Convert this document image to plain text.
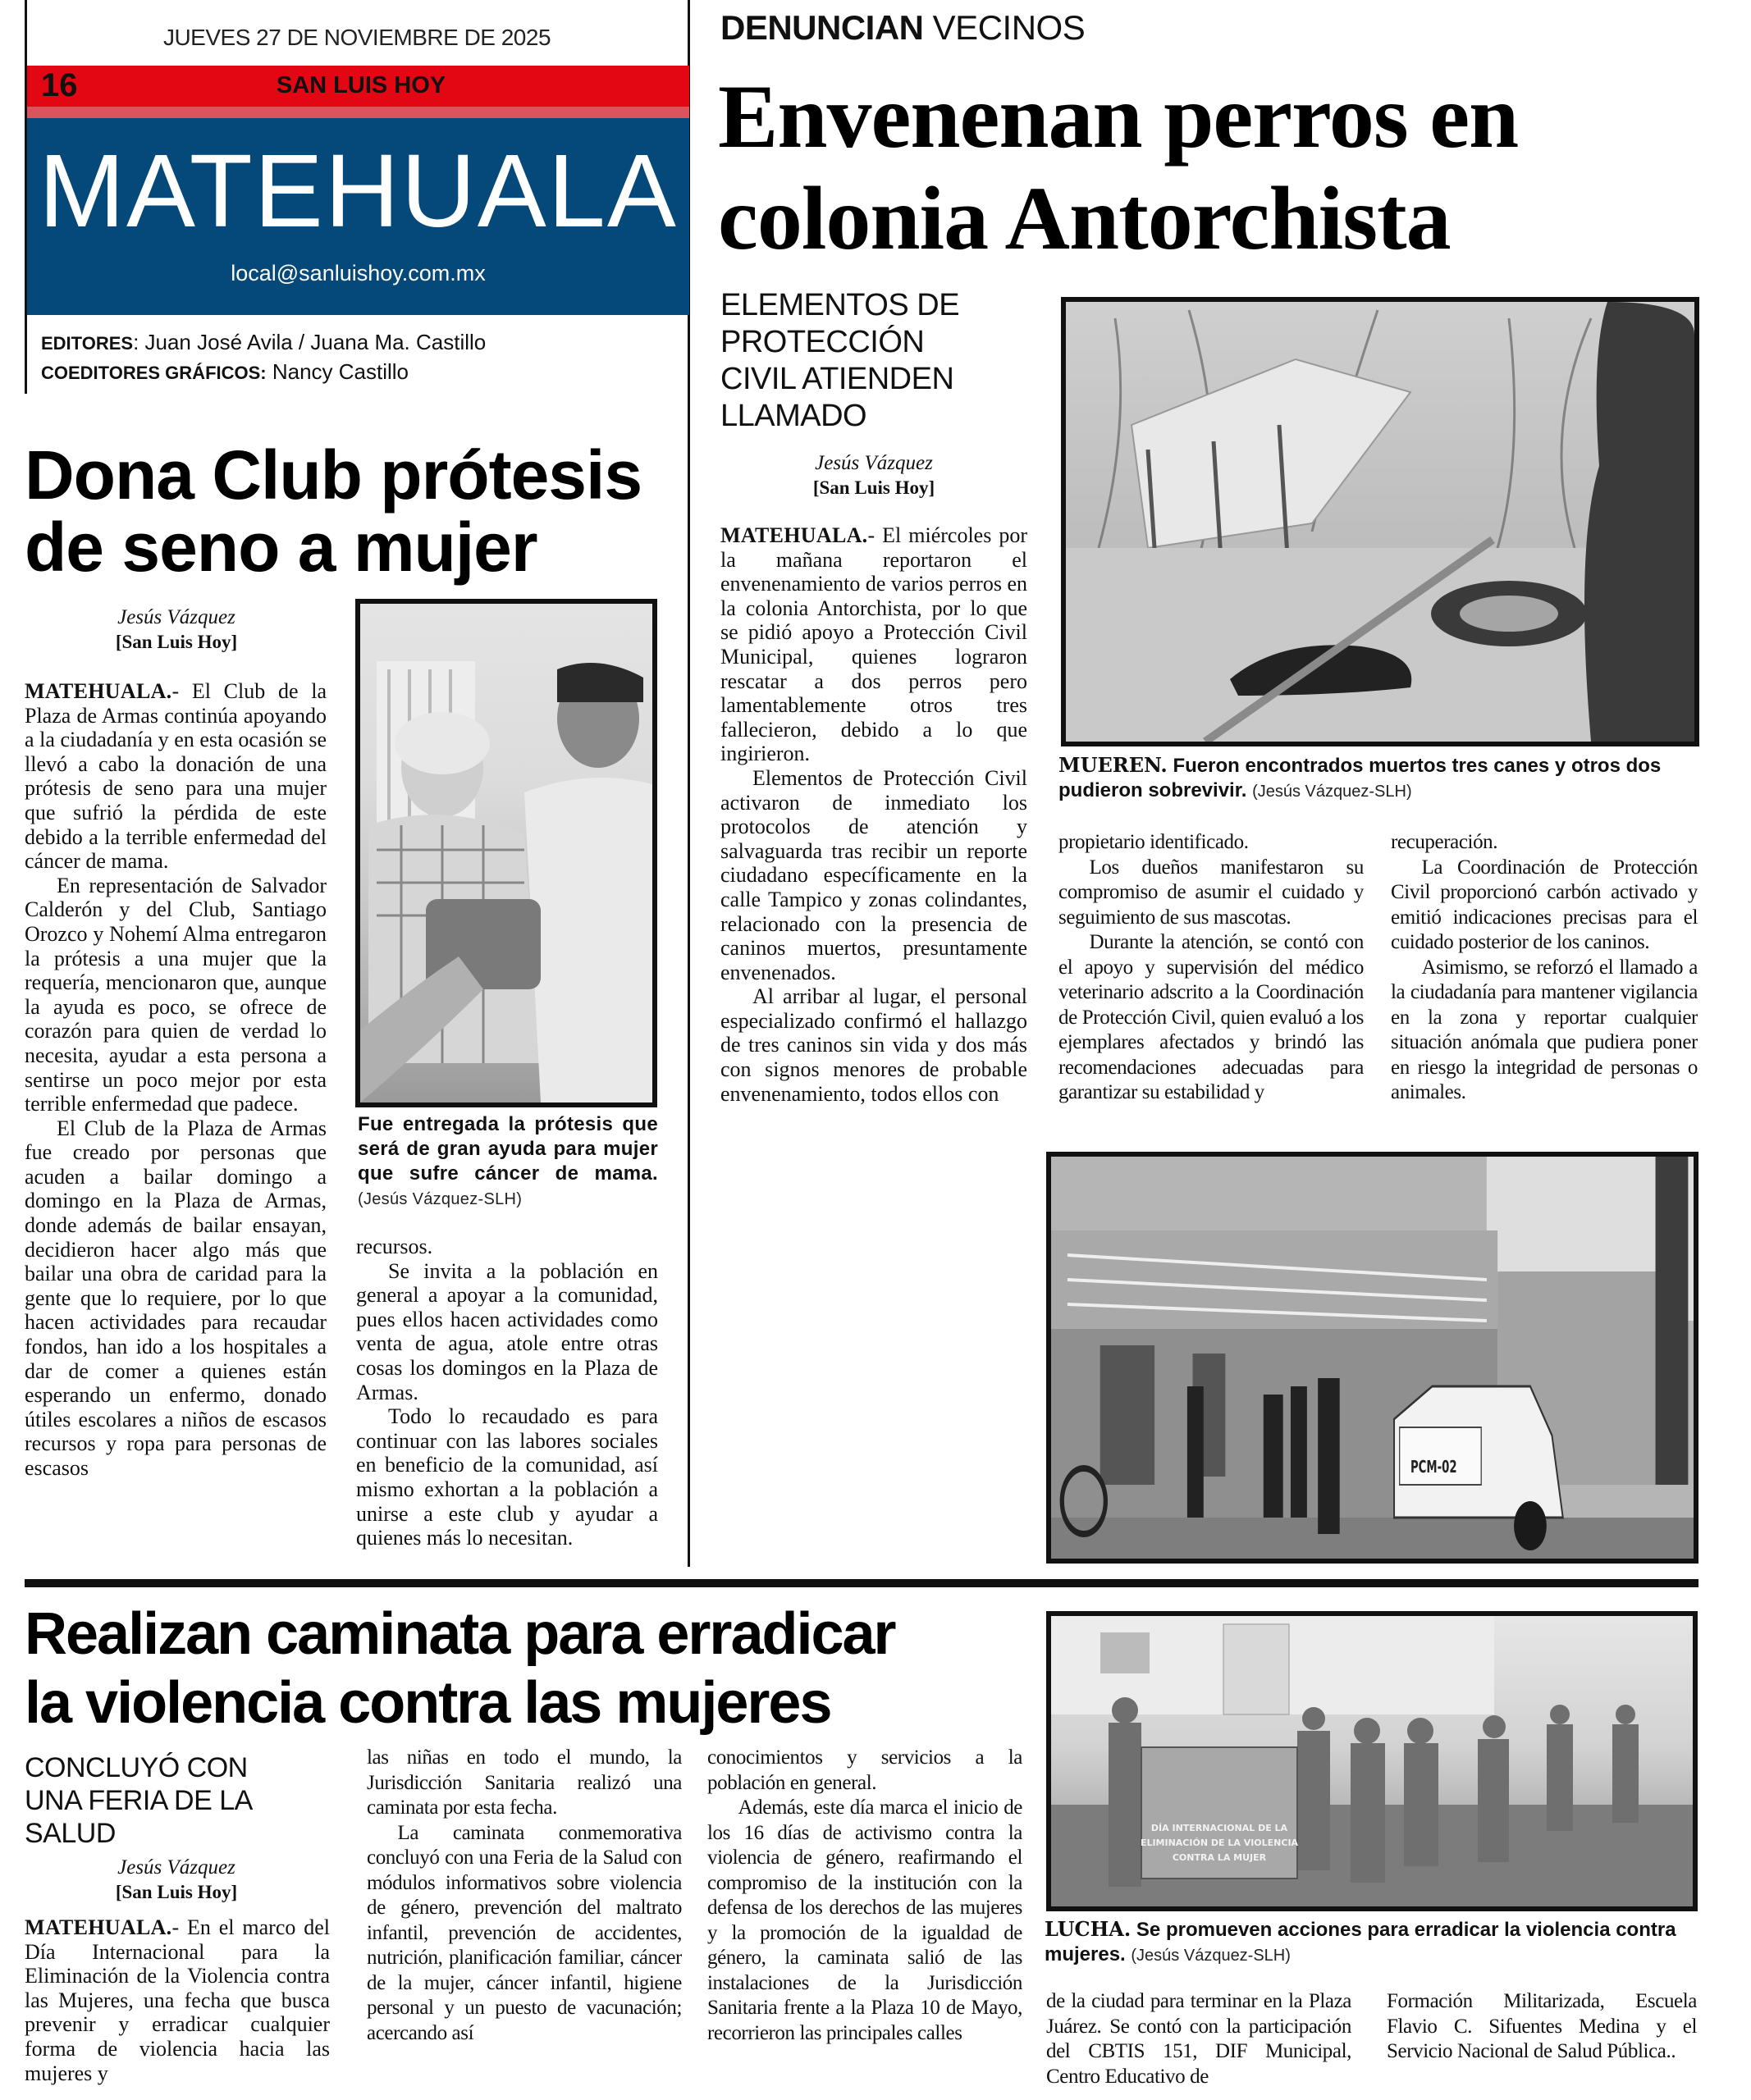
JUEVES 27 DE NOVIEMBRE DE 2025
16	SAN LUIS HOY
MATEHUALA
local@sanluishoy.com.mx
EDITORES: Juan José Avila / Juana Ma. Castillo
COEDITORES GRÁFICOS: Nancy Castillo
Dona Club prótesis
de seno a mujer
Jesús Vázquez
[San Luis Hoy]

MATEHUALA.- El Club de la Plaza de Armas continúa apoyando a la ciudadanía y en esta ocasión se llevó a cabo la donación de una prótesis de seno para una mujer que sufrió la pérdida de este debido a la terrible enfermedad del cáncer de mama.

En representación de Salvador Calderón y del Club, Santiago Orozco y Nohemí Alma entregaron la prótesis a una mujer que la requería, mencionaron que, aunque la ayuda es poco, se ofrece de corazón para quien de verdad lo necesita, ayudar a esta persona a sentirse un poco mejor por esta terrible enfermedad que padece.

El Club de la Plaza de Armas fue creado por personas que acuden a bailar domingo a domingo en la Plaza de Armas, donde además de bailar ensayan, decidieron hacer algo más que bailar una obra de caridad para la gente que lo requiere, por lo que hacen actividades para recaudar fondos, han ido a los hospitales a dar de comer a quienes están esperando un enfermo, donado útiles escolares a niños de escasos recursos y ropa para personas de escasos

Fue entregada la prótesis que será de gran ayuda para mujer que sufre cáncer de mama. (Jesús Vázquez-SLH)

recursos.

Se invita a la población en general a apoyar a la comunidad, pues ellos hacen actividades como venta de agua, atole entre otras cosas los domingos en la Plaza de Armas.

Todo lo recaudado es para continuar con las labores sociales en beneficio de la comunidad, así mismo exhortan a la población a unirse a este club y ayudar a quienes más lo necesitan.

DENUNCIAN VECINOS
Envenenan perros en
colonia Antorchista
ELEMENTOS DE
PROTECCIÓN
CIVIL ATIENDEN
LLAMADO
Jesús Vázquez
[San Luis Hoy]

MATEHUALA.- El miércoles por la mañana reportaron el envenenamiento de varios perros en la colonia Antorchista, por lo que se pidió apoyo a Protección Civil Municipal, quienes lograron rescatar a dos perros pero lamentablemente otros tres fallecieron, debido a lo que ingirieron.

Elementos de Protección Civil activaron de inmediato los protocolos de atención y salvaguarda tras recibir un reporte ciudadano específicamente en la calle Tampico y zonas colindantes, relacionado con la presencia de caninos muertos, presuntamente envenenados.

Al arribar al lugar, el personal especializado confirmó el hallazgo de tres caninos sin vida y dos más con signos menores de probable envenenamiento, todos ellos con

MUEREN. Fueron encontrados muertos tres canes y otros dos pudieron sobrevivir. (Jesús Vázquez-SLH)

propietario identificado.

Los dueños manifestaron su compromiso de asumir el cuidado y seguimiento de sus mascotas.

Durante la atención, se contó con el apoyo y supervisión del médico veterinario adscrito a la Coordinación de Protección Civil, quien evaluó a los ejemplares afectados y brindó las recomendaciones adecuadas para garantizar su estabilidad y

recuperación.

La Coordinación de Protección Civil proporcionó carbón activado y emitió indicaciones precisas para el cuidado posterior de los caninos.

Asimismo, se reforzó el llamado a la ciudadanía para mantener vigilancia en la zona y reportar cualquier situación anómala que pudiera poner en riesgo la integridad de personas o animales.

PCM-02
Realizan caminata para erradicar
la violencia contra las mujeres
CONCLUYÓ CON
UNA FERIA DE LA
SALUD
Jesús Vázquez
[San Luis Hoy]

MATEHUALA.- En el marco del Día Internacional para la Eliminación de la Violencia contra las Mujeres, una fecha que busca prevenir y erradicar cualquier forma de violencia hacia las mujeres y

las niñas en todo el mundo, la Jurisdicción Sanitaria realizó una caminata por esta fecha.

La caminata conmemorativa concluyó con una Feria de la Salud con módulos informativos sobre violencia de género, prevención del maltrato infantil, prevención de accidentes, nutrición, planificación familiar, cáncer de la mujer, cáncer infantil, higiene personal y un puesto de vacunación; acercando así

conocimientos y servicios a la población en general.

Además, este día marca el inicio de los 16 días de activismo contra la violencia de género, reafirmando el compromiso de la institución con la defensa de los derechos de las mujeres y la promoción de la igualdad de género, la caminata salió de las instalaciones de la Jurisdicción Sanitaria frente a la Plaza 10 de Mayo, recorrieron las principales calles

DÍA INTERNACIONAL DE LA
ELIMINACIÓN DE LA VIOLENCIA
CONTRA LA MUJER
LUCHA. Se promueven acciones para erradicar la violencia contra mujeres. (Jesús Vázquez-SLH)

de la ciudad para terminar en la Plaza Juárez. Se contó con la participación del CBTIS 151, DIF Municipal, Centro Educativo de

Formación Militarizada, Escuela Flavio C. Sifuentes Medina y el Servicio Nacional de Salud Pública..
